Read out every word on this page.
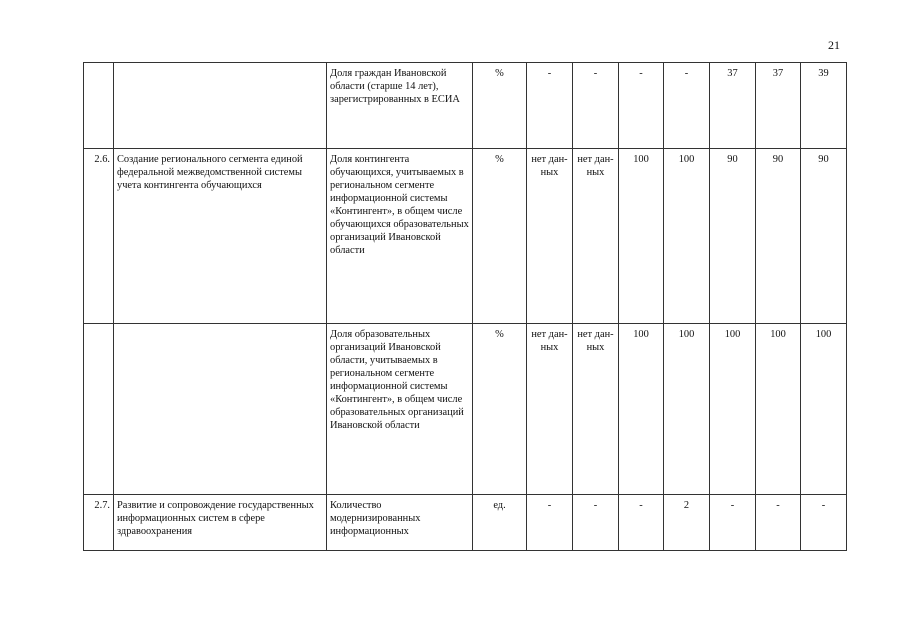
21
		Доля граждан Ивановской области (старше 14 лет), зарегистрированных в ЕСИА	%	-	-	-	-	37	37	39
2.6.	Создание регионального сегмента единой федеральной межведомственной системы учета контингента обучающихся	Доля контингента обучающихся, учитываемых в региональном сегменте информационной системы «Контингент», в общем числе обучающихся образовательных организаций Ивановской области	%	нет дан- ных	нет дан- ных	100	100	90	90	90
		Доля образовательных организаций Ивановской области, учитываемых в региональном сегменте информационной системы «Контингент», в общем числе образовательных организаций Ивановской области	%	нет дан- ных	нет дан- ных	100	100	100	100	100
2.7.	Развитие и сопровождение государственных информационных систем в сфере здравоохранения	Количество модернизированных информационных	ед.	-	-	-	2	-	-	-
